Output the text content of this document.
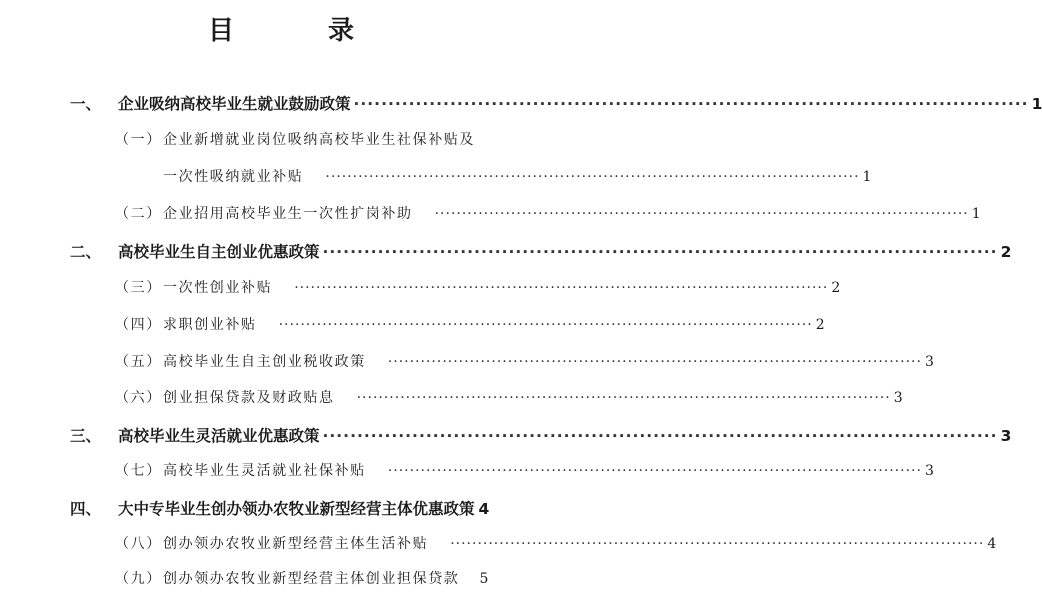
目　录
一、	企业吸纳高校毕业生就业鼓励政策 ·································································································· 1
（一） 企业新增就业岗位吸纳高校毕业生社保补贴及
一次性吸纳就业补贴 ·································································································· 1
（二） 企业招用高校毕业生一次性扩岗补助 ·································································································· 1
二、	高校毕业生自主创业优惠政策 ·································································································· 2
（三） 一次性创业补贴 ·································································································· 2
（四） 求职创业补贴 ·································································································· 2
（五） 高校毕业生自主创业税收政策 ·································································································· 3
（六） 创业担保贷款及财政贴息 ·································································································· 3
三、	高校毕业生灵活就业优惠政策 ·································································································· 3
（七） 高校毕业生灵活就业社保补贴 ·································································································· 3
四、	大中专毕业生创办领办农牧业新型经营主体优惠政策 4
（八） 创办领办农牧业新型经营主体生活补贴 ·································································································· 4
（九） 创办领办农牧业新型经营主体创业担保贷款 5
